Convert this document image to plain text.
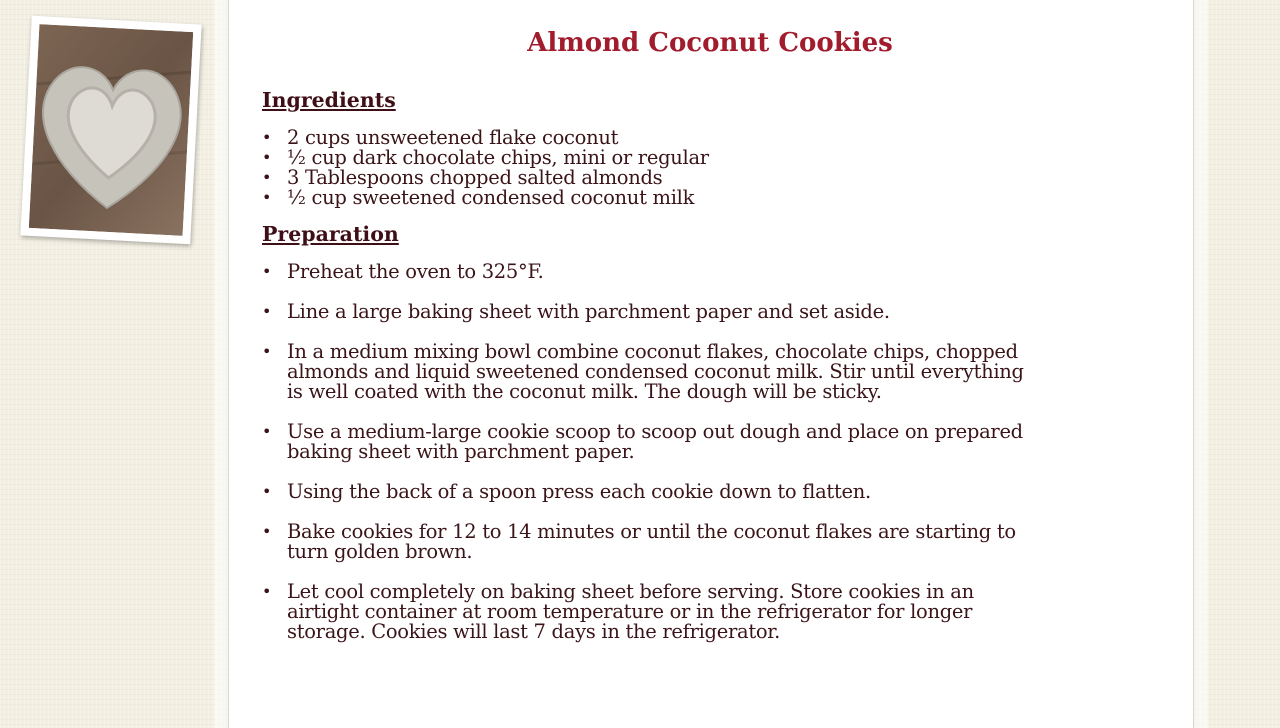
Almond Coconut Cookies
Ingredients
• 2 cups unsweetened flake coconut
• ½ cup dark chocolate chips, mini or regular
• 3 Tablespoons chopped salted almonds
• ½ cup sweetened condensed coconut milk
Preparation
• Preheat the oven to 325°F.
• Line a large baking sheet with parchment paper and set aside.
• In a medium mixing bowl combine coconut flakes, chocolate chips, chopped almonds and liquid sweetened condensed coconut milk. Stir until everything is well coated with the coconut milk. The dough will be sticky.
• Use a medium-large cookie scoop to scoop out dough and place on prepared baking sheet with parchment paper.
• Using the back of a spoon press each cookie down to flatten.
• Bake cookies for 12 to 14 minutes or until the coconut flakes are starting to turn golden brown.
• Let cool completely on baking sheet before serving. Store cookies in an airtight container at room temperature or in the refrigerator for longer storage. Cookies will last 7 days in the refrigerator.
